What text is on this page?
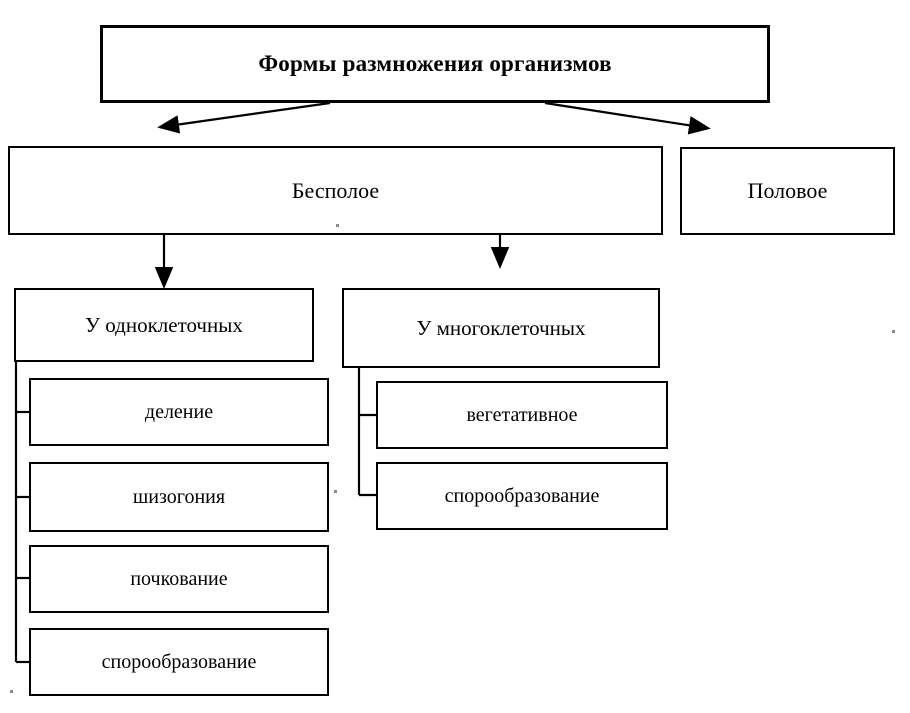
Формы размножения организмов
Бесполое	Половое
У одноклеточных	У многоклеточных
деление
шизогония
почкование
спорообразование
вегетативное
спорообразование
